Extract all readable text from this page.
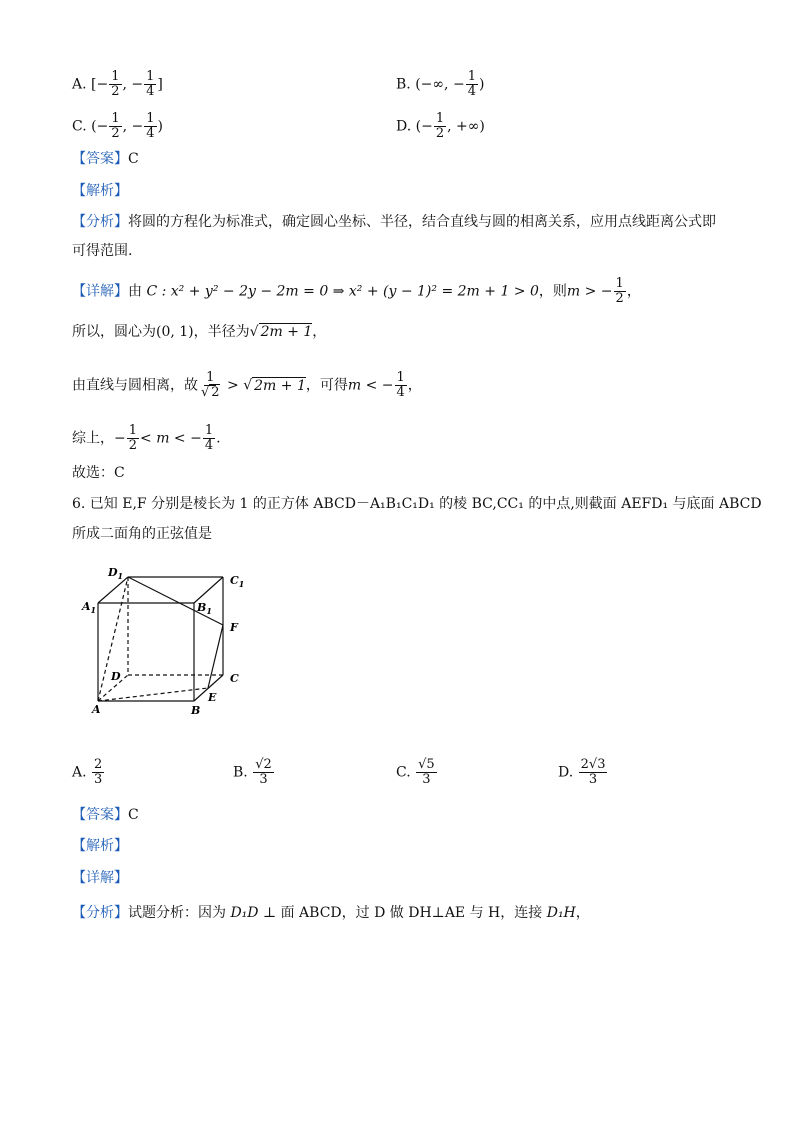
A. [− $\frac{1}{2}$ , − $\frac{1}{4}$ ]	B. (−∞, − $\frac{1}{4}$ )
C. (− $\frac{1}{2}$ , − $\frac{1}{4}$ )	D. (− $\frac{1}{2}$ , +∞)
【答案】C
【解析】
【分析】将圆的方程化为标准式，确定圆心坐标、半径，结合直线与圆的相离关系，应用点线距离公式即
可得范围.
【详解】由 C : x² + y² − 2y − 2m = 0 ⇒ x² + (y − 1)² = 2m + 1 > 0，则m > − $\frac{1}{2}$ ，
所以，圆心为(0, 1)，半径为√ 2m + 1，
由直线与圆相离，故 $\frac{1}{√ 2}$ > √ 2m + 1，可得m < − $\frac{1}{4}$ ，
综上，− $\frac{1}{2} < m$ < − $\frac{1}{4}$ .
故选：C
6. 已知 E,F 分别是棱长为 1 的正方体 ABCD－A₁B₁C₁D₁ 的棱 BC,CC₁ 的中点,则截面 AEFD₁ 与底面 ABCD
所成二面角的正弦值是
$D_1$	$C_1$
$A_1$	$B_1$
F
D	C
E
A	B
A. $\frac{2}{3}$	B. $\frac{√2}{3}$	C. $\frac{√5}{3}$	D. $\frac{2√3}{3}$
【答案】C
【解析】
【详解】
【分析】试题分析：因为 D₁D ⊥ 面 ABCD，过 D 做 DH⊥AE 与 H，连接 D₁H，
